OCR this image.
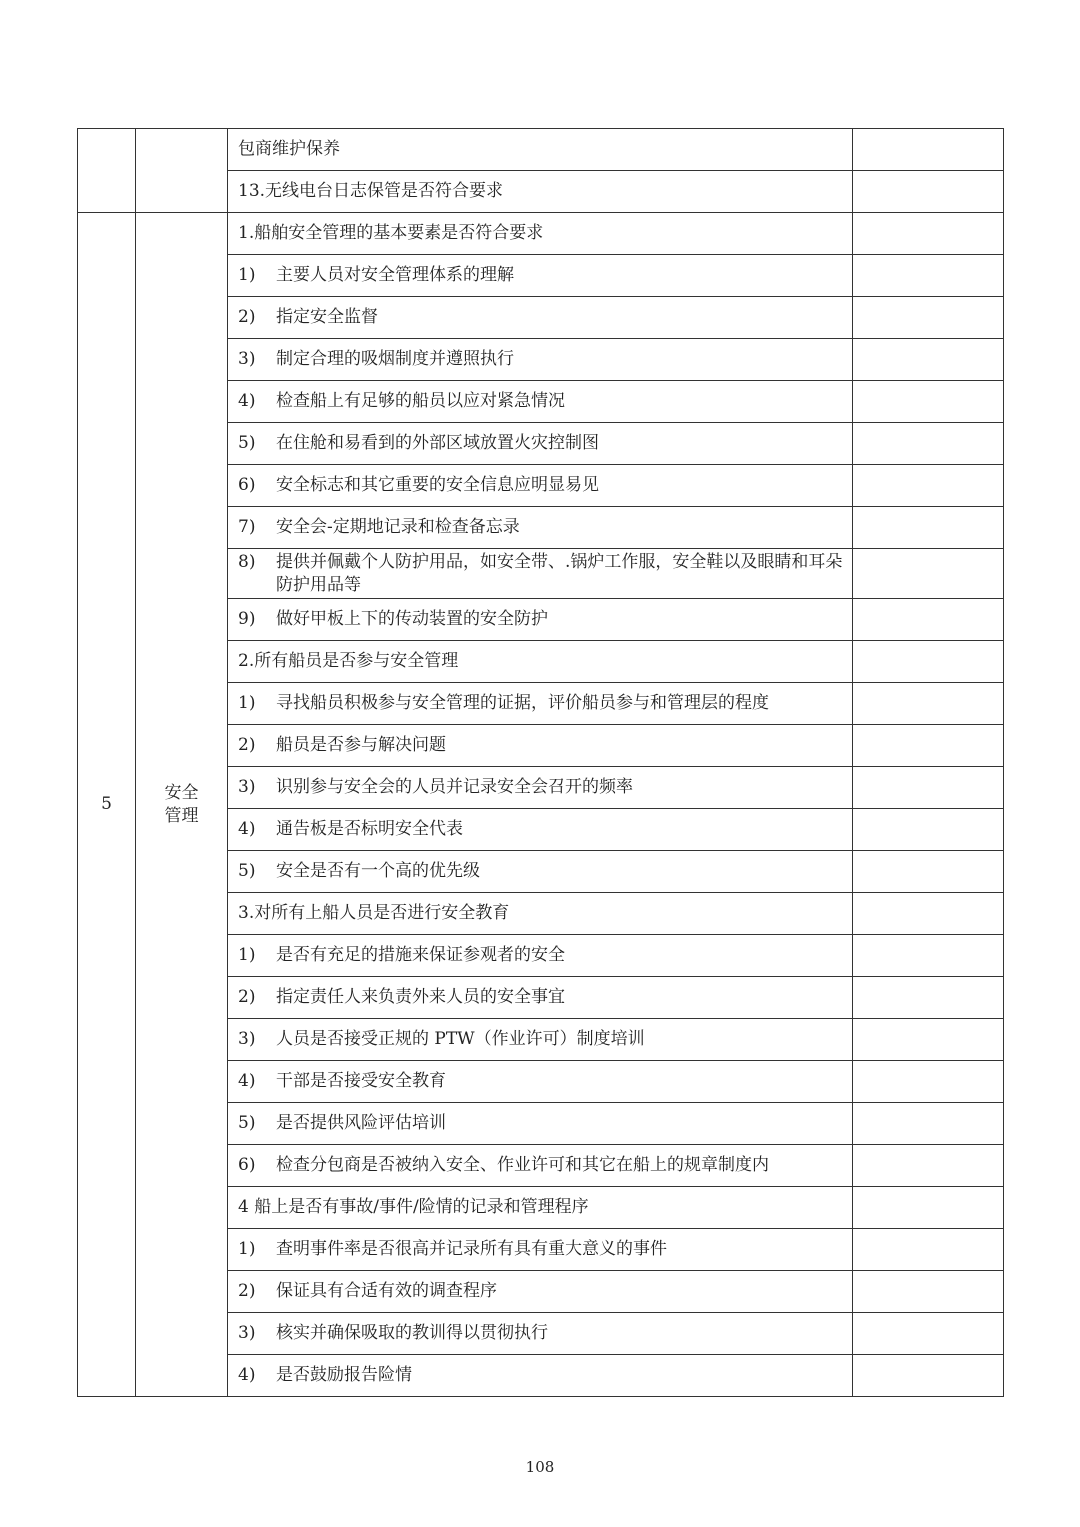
		包商维护保养	
		13.无线电台日志保管是否符合要求	
5	安全管理	1.船舶安全管理的基本要素是否符合要求	

		1) 主要人员对安全管理体系的理解	

		2) 指定安全监督	

		3) 制定合理的吸烟制度并遵照执行	

		4) 检查船上有足够的船员以应对紧急情况	

		5) 在住舱和易看到的外部区域放置火灾控制图	

		6) 安全标志和其它重要的安全信息应明显易见	

		7) 安全会-定期地记录和检查备忘录	

		8) 提供并佩戴个人防护用品，如安全带、.锅炉工作服，安全鞋以及眼睛和耳朵防护用品等	

		9) 做好甲板上下的传动装置的安全防护	

		2.所有船员是否参与安全管理	

		1) 寻找船员积极参与安全管理的证据，评价船员参与和管理层的程度	

		2) 船员是否参与解决问题	

		3) 识别参与安全会的人员并记录安全会召开的频率	

		4) 通告板是否标明安全代表	

		5) 安全是否有一个高的优先级	

		3.对所有上船人员是否进行安全教育	

		1) 是否有充足的措施来保证参观者的安全	

		2) 指定责任人来负责外来人员的安全事宜	

		3) 人员是否接受正规的 PTW（作业许可）制度培训	

		4) 干部是否接受安全教育	

		5) 是否提供风险评估培训	

		6) 检查分包商是否被纳入安全、作业许可和其它在船上的规章制度内	

		4 船上是否有事故/事件/险情的记录和管理程序	

		1) 查明事件率是否很高并记录所有具有重大意义的事件	

		2) 保证具有合适有效的调查程序	

		3) 核实并确保吸取的教训得以贯彻执行	

		4) 是否鼓励报告险情	

108
